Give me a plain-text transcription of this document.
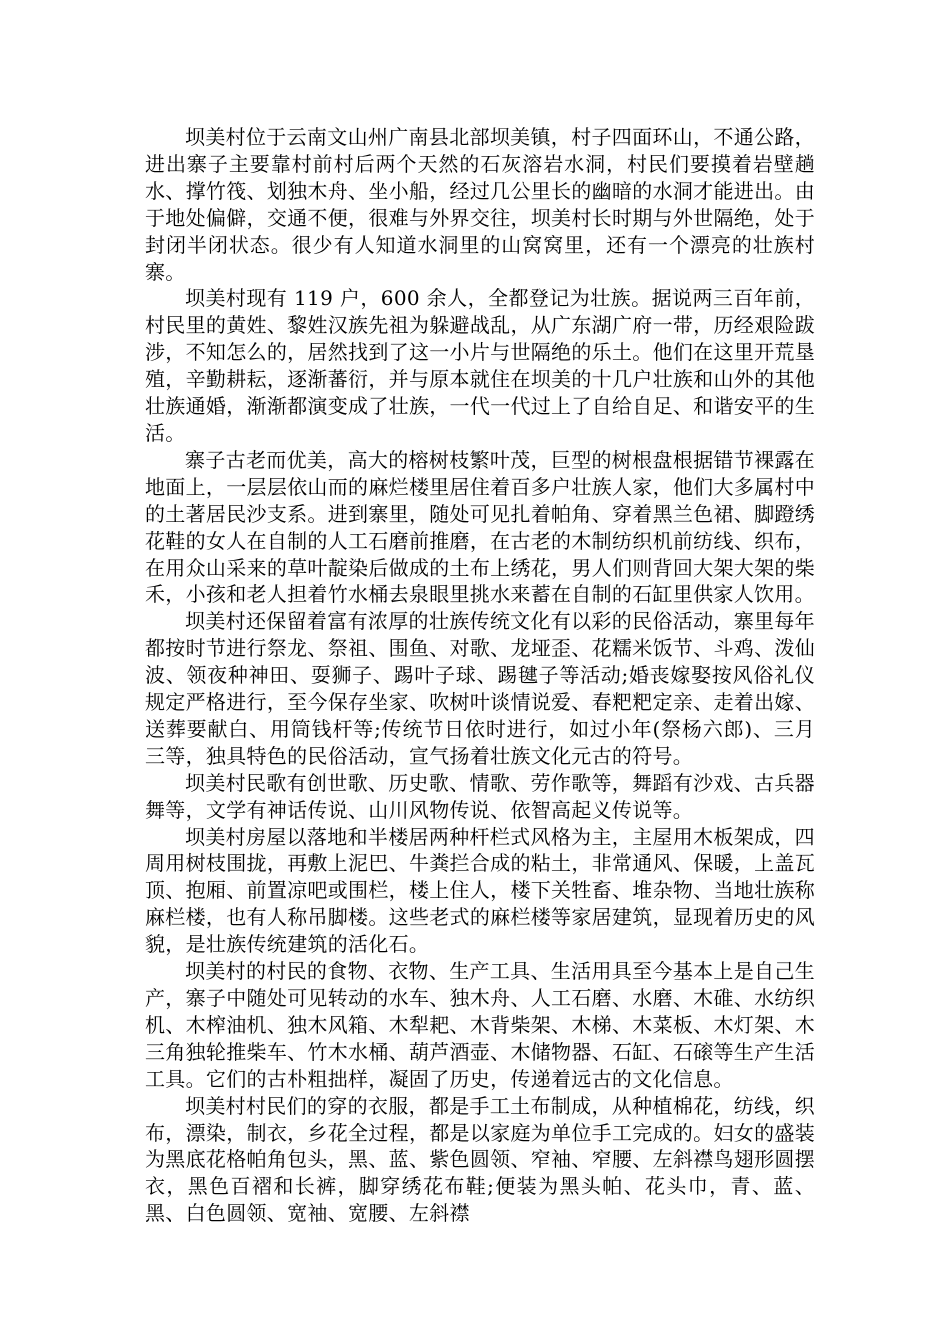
坝美村位于云南文山州广南县北部坝美镇，村子四面环山，不通公路，进出寨子主要靠村前村后两个天然的石灰溶岩水洞，村民们要摸着岩壁趟水、撑竹筏、划独木舟、坐小船，经过几公里长的幽暗的水洞才能进出。由于地处偏僻，交通不便，很难与外界交往，坝美村长时期与外世隔绝，处于封闭半闭状态。很少有人知道水洞里的山窝窝里，还有一个漂亮的壮族村寨。

坝美村现有 119 户，600 余人，全都登记为壮族。据说两三百年前，村民里的黄姓、黎姓汉族先祖为躲避战乱，从广东湖广府一带，历经艰险跋涉，不知怎么的，居然找到了这一小片与世隔绝的乐土。他们在这里开荒垦殖，辛勤耕耘，逐渐蕃衍，并与原本就住在坝美的十几户壮族和山外的其他壮族通婚，渐渐都演变成了壮族，一代一代过上了自给自足、和谐安平的生活。

寨子古老而优美，高大的榕树枝繁叶茂，巨型的树根盘根据错节裸露在地面上，一层层依山而的麻烂楼里居住着百多户壮族人家，他们大多属村中的土著居民沙支系。进到寨里，随处可见扎着帕角、穿着黑兰色裙、脚蹬绣花鞋的女人在自制的人工石磨前推磨，在古老的木制纺织机前纺线、织布，在用众山采来的草叶靛染后做成的土布上绣花，男人们则背回大架大架的柴禾，小孩和老人担着竹水桶去泉眼里挑水来蓄在自制的石缸里供家人饮用。

坝美村还保留着富有浓厚的壮族传统文化有以彩的民俗活动，寨里每年都按时节进行祭龙、祭祖、围鱼、对歌、龙垭歪、花糯米饭节、斗鸡、泼仙波、领夜种神田、耍狮子、踢叶子球、踢毽子等活动;婚丧嫁娶按风俗礼仪规定严格进行，至今保存坐家、吹树叶谈情说爱、春粑粑定亲、走着出嫁、送葬要献白、用筒钱杆等;传统节日依时进行，如过小年(祭杨六郎)、三月三等，独具特色的民俗活动，宣气扬着壮族文化元古的符号。

坝美村民歌有创世歌、历史歌、情歌、劳作歌等，舞蹈有沙戏、古兵器舞等，文学有神话传说、山川风物传说、依智高起义传说等。

坝美村房屋以落地和半楼居两种杆栏式风格为主，主屋用木板架成，四周用树枝围拢，再敷上泥巴、牛粪拦合成的粘土，非常通风、保暖，上盖瓦顶、抱厢、前置凉吧或围栏，楼上住人，楼下关牲畜、堆杂物、当地壮族称麻栏楼，也有人称吊脚楼。这些老式的麻栏楼等家居建筑，显现着历史的风貌，是壮族传统建筑的活化石。

坝美村的村民的食物、衣物、生产工具、生活用具至今基本上是自己生产，寨子中随处可见转动的水车、独木舟、人工石磨、水磨、木碓、水纺织机、木榨油机、独木风箱、木犁耙、木背柴架、木梯、木菜板、木灯架、木三角独轮推柴车、竹木水桶、葫芦酒壶、木储物器、石缸、石磙等生产生活工具。它们的古朴粗拙样，凝固了历史，传递着远古的文化信息。

坝美村村民们的穿的衣服，都是手工土布制成，从种植棉花，纺线，织布，漂染，制衣，乡花全过程，都是以家庭为单位手工完成的。妇女的盛装为黑底花格帕角包头，黑、蓝、紫色圆领、窄袖、窄腰、左斜襟鸟翅形圆摆衣，黑色百褶和长裤，脚穿绣花布鞋;便装为黑头帕、花头巾，青、蓝、黑、白色圆领、宽袖、宽腰、左斜襟
